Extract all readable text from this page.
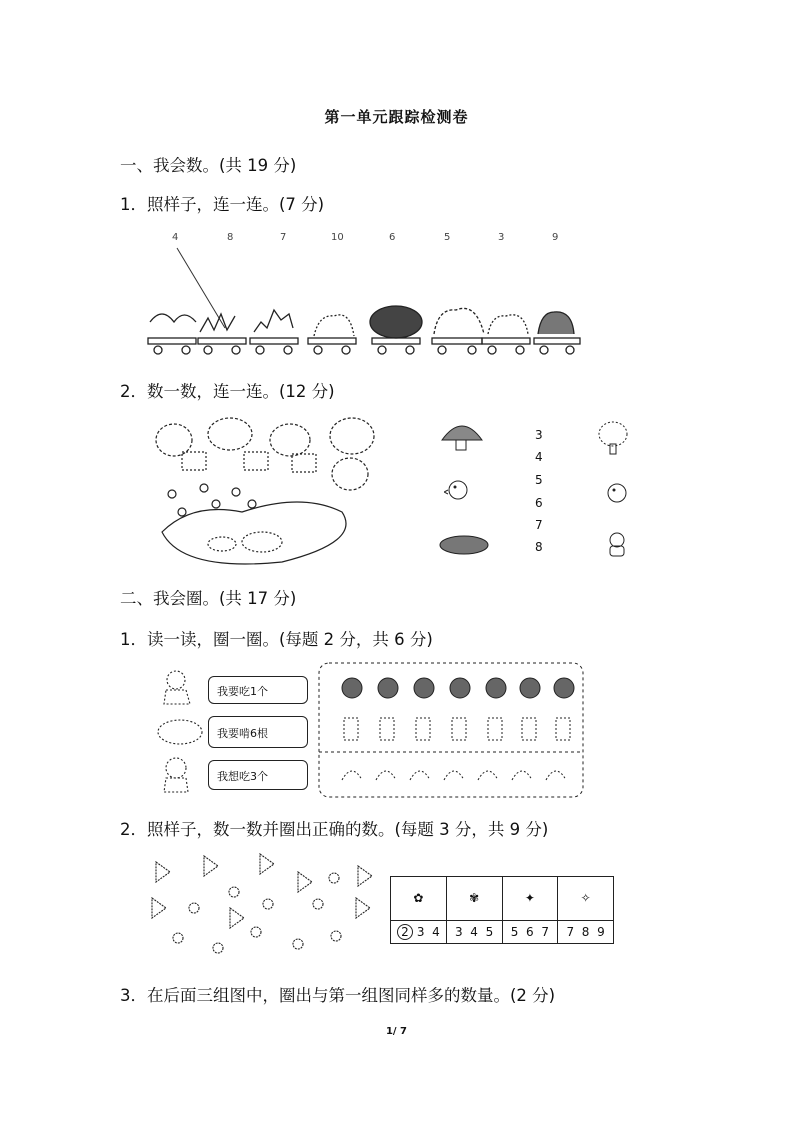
第一单元跟踪检测卷
一、我会数。(共 19 分)
1．照样子，连一连。(7 分)
4	8	7	10	6	5	3	9
2．数一数，连一连。(12 分)
3
4
5
6
7
8
二、我会圈。(共 17 分)
1．读一读，圈一圈。(每题 2 分，共 6 分)
我要吃1个
我要啃6根
我想吃3个
2．照样子，数一数并圈出正确的数。(每题 3 分，共 9 分)
✿	✾	✦	✧
2 3 4	3 4 5	5 6 7	7 8 9
3．在后面三组图中，圈出与第一组图同样多的数量。(2 分)
1/ 7
